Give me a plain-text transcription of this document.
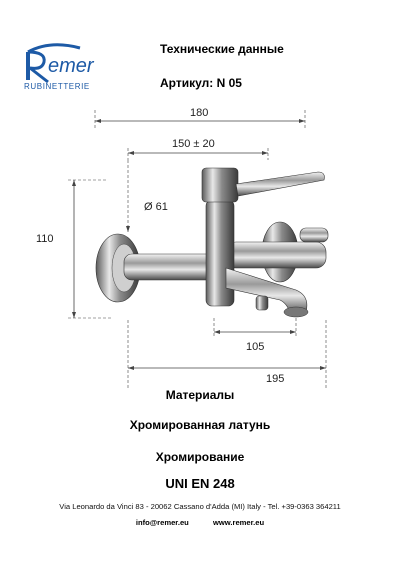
emer
RUBINETTERIE
Технические данные
Артикул: N 05
180
150 ± 20
110
Ø 61
105
195
Материалы
Хромированная латунь
Хромирование
UNI EN 248
Via Leonardo da Vinci 83 - 20062 Cassano d'Adda (MI) Italy - Tel. +39-0363 364211
info@remer.eu	www.remer.eu
